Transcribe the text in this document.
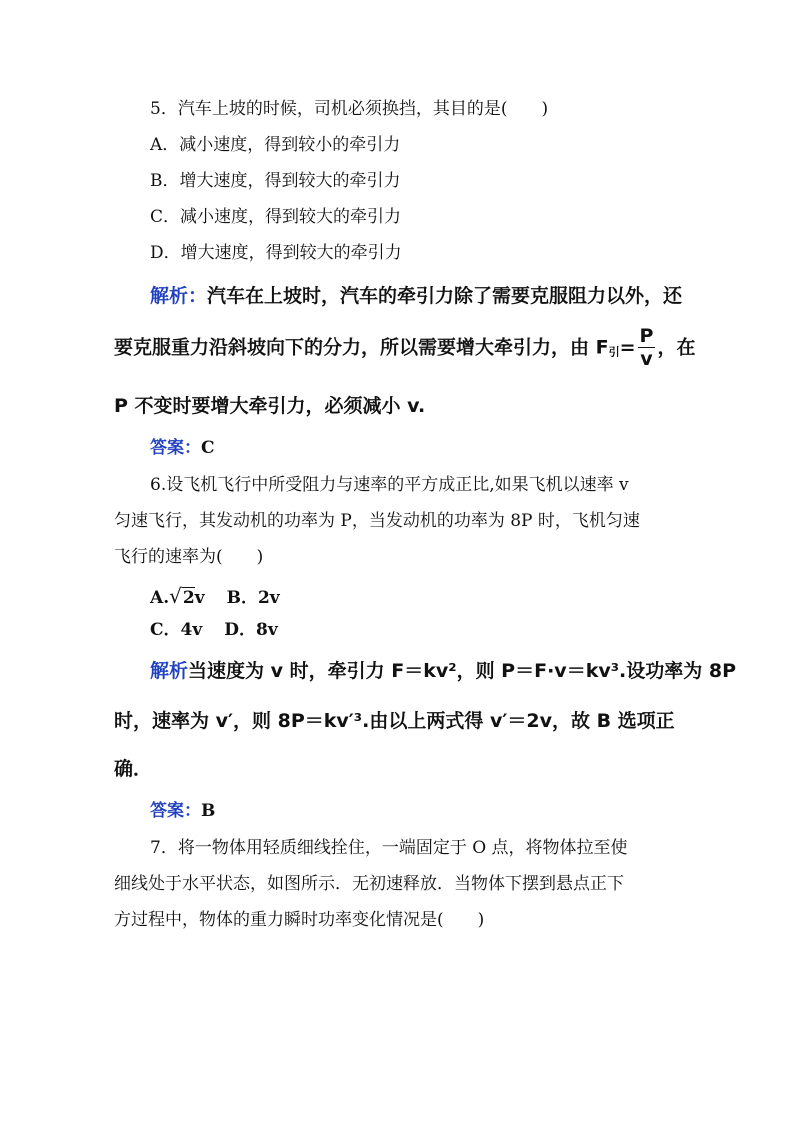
5．汽车上坡的时候，司机必须换挡，其目的是(　　)
A．减小速度，得到较小的牵引力
B．增大速度，得到较大的牵引力
C．减小速度，得到较大的牵引力
D．增大速度，得到较大的牵引力
解析：汽车在上坡时，汽车的牵引力除了需要克服阻力以外，还
要克服重力沿斜坡向下的分力，所以需要增大牵引力，由 F引= $\frac{P}{v}$ ，在
P 不变时要增大牵引力，必须减小 v.
答案：C
6.设飞机飞行中所受阻力与速率的平方成正比,如果飞机以速率 v
匀速飞行，其发动机的功率为 P，当发动机的功率为 8P 时，飞机匀速
飞行的速率为(　　)
A.√2v B．2v
C．4v D．8v
解析当速度为 v 时，牵引力 F＝kv²，则 P＝F·v＝kv³.设功率为 8P
时，速率为 v′，则 8P＝kv′³.由以上两式得 v′＝2v，故 B 选项正
确．
答案：B
7．将一物体用轻质细线拴住，一端固定于 O 点，将物体拉至使
细线处于水平状态，如图所示．无初速释放．当物体下摆到悬点正下
方过程中，物体的重力瞬时功率变化情况是(　　)
